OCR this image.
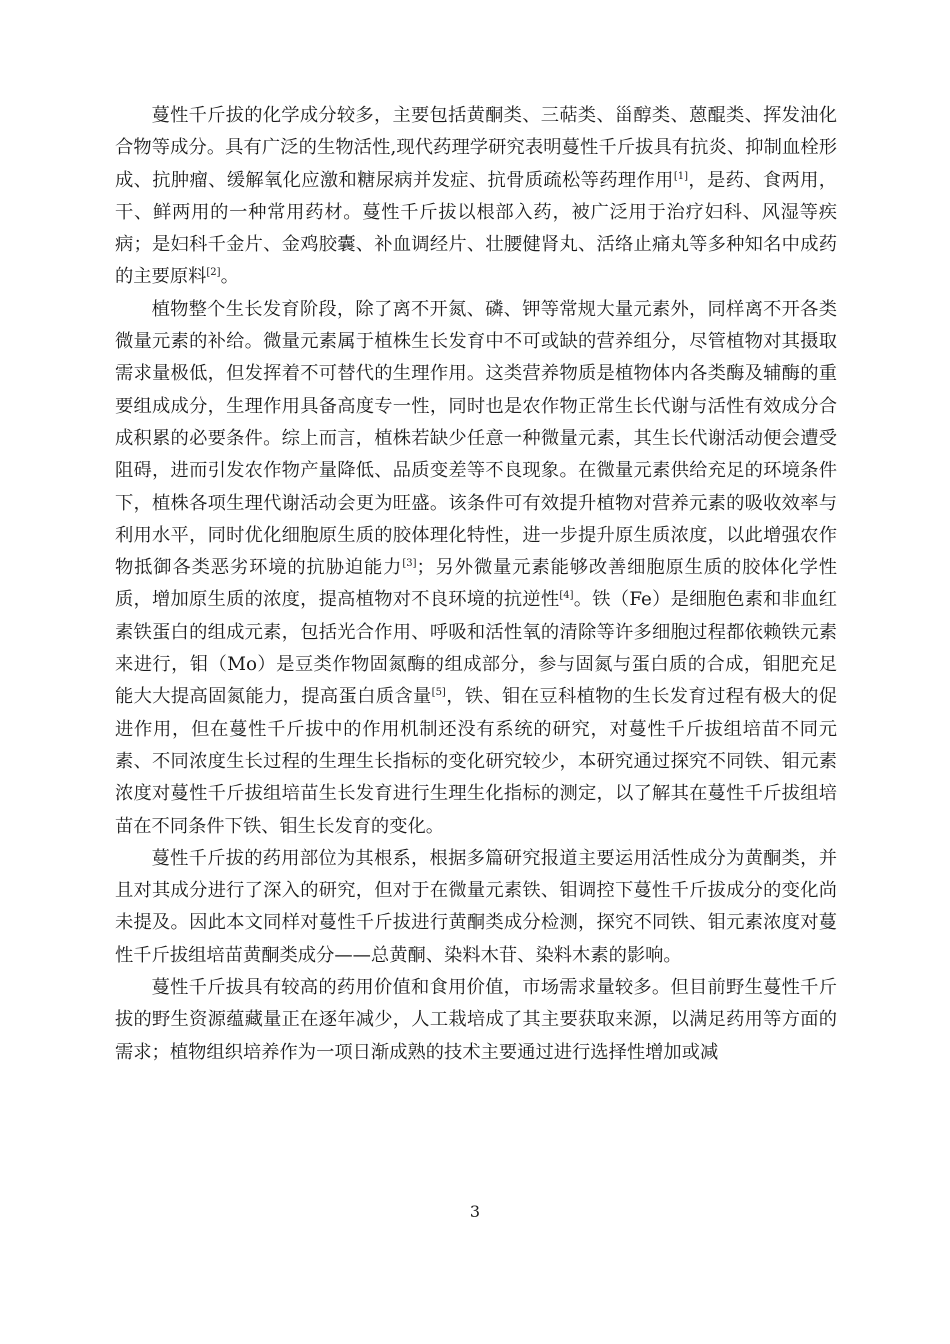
蔓性千斤拔的化学成分较多，主要包括黄酮类、三萜类、甾醇类、蒽醌类、挥发油化合物等成分。具有广泛的生物活性,现代药理学研究表明蔓性千斤拔具有抗炎、抑制血栓形成、抗肿瘤、缓解氧化应激和糖尿病并发症、抗骨质疏松等药理作用[1]，是药、食两用，干、鲜两用的一种常用药材。蔓性千斤拔以根部入药，被广泛用于治疗妇科、风湿等疾病；是妇科千金片、金鸡胶囊、补血调经片、壮腰健肾丸、活络止痛丸等多种知名中成药的主要原料[2]。

植物整个生长发育阶段，除了离不开氮、磷、钾等常规大量元素外，同样离不开各类微量元素的补给。微量元素属于植株生长发育中不可或缺的营养组分，尽管植物对其摄取需求量极低，但发挥着不可替代的生理作用。这类营养物质是植物体内各类酶及辅酶的重要组成成分，生理作用具备高度专一性，同时也是农作物正常生长代谢与活性有效成分合成积累的必要条件。综上而言，植株若缺少任意一种微量元素，其生长代谢活动便会遭受阻碍，进而引发农作物产量降低、品质变差等不良现象。在微量元素供给充足的环境条件下，植株各项生理代谢活动会更为旺盛。该条件可有效提升植物对营养元素的吸收效率与利用水平，同时优化细胞原生质的胶体理化特性，进一步提升原生质浓度，以此增强农作物抵御各类恶劣环境的抗胁迫能力[3]；另外微量元素能够改善细胞原生质的胶体化学性质，增加原生质的浓度，提高植物对不良环境的抗逆性[4]。铁（Fe）是细胞色素和非血红素铁蛋白的组成元素，包括光合作用、呼吸和活性氧的清除等许多细胞过程都依赖铁元素来进行，钼（Mo）是豆类作物固氮酶的组成部分，参与固氮与蛋白质的合成，钼肥充足能大大提高固氮能力，提高蛋白质含量[5]，铁、钼在豆科植物的生长发育过程有极大的促进作用，但在蔓性千斤拔中的作用机制还没有系统的研究，对蔓性千斤拔组培苗不同元素、不同浓度生长过程的生理生长指标的变化研究较少，本研究通过探究不同铁、钼元素浓度对蔓性千斤拔组培苗生长发育进行生理生化指标的测定，以了解其在蔓性千斤拔组培苗在不同条件下铁、钼生长发育的变化。

蔓性千斤拔的药用部位为其根系，根据多篇研究报道主要运用活性成分为黄酮类，并且对其成分进行了深入的研究，但对于在微量元素铁、钼调控下蔓性千斤拔成分的变化尚未提及。因此本文同样对蔓性千斤拔进行黄酮类成分检测，探究不同铁、钼元素浓度对蔓性千斤拔组培苗黄酮类成分——总黄酮、染料木苷、染料木素的影响。

蔓性千斤拔具有较高的药用价值和食用价值，市场需求量较多。但目前野生蔓性千斤拔的野生资源蕴藏量正在逐年减少，人工栽培成了其主要获取来源，以满足药用等方面的需求；植物组织培养作为一项日渐成熟的技术主要通过进行选择性增加或减

3
